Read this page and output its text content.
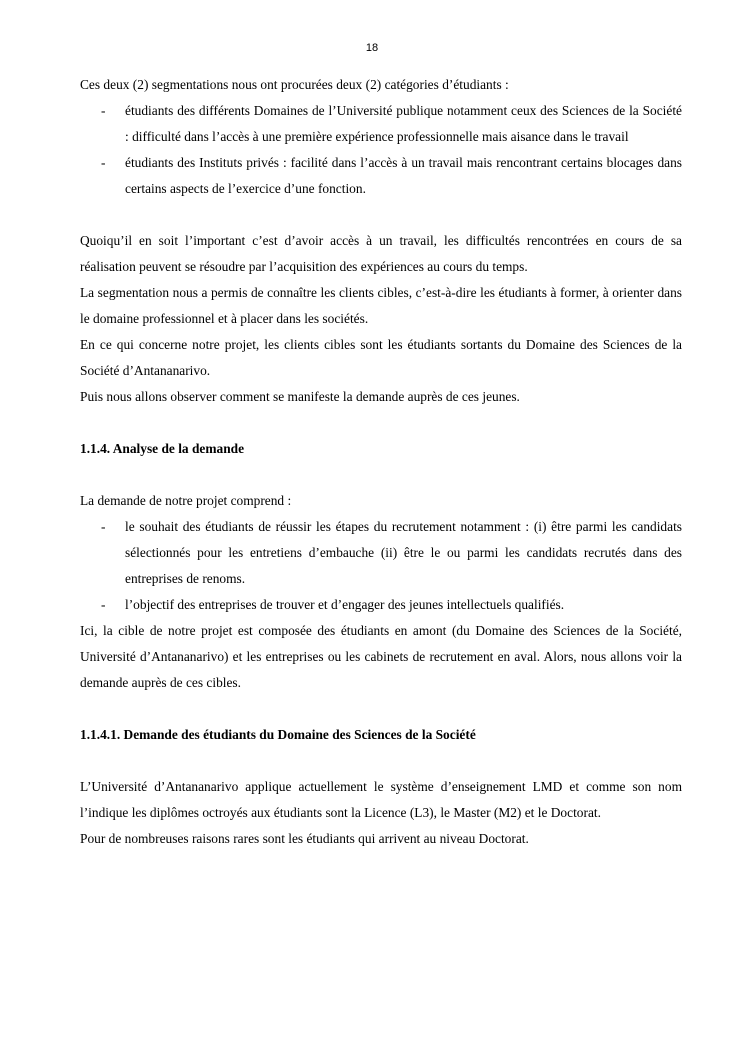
18

Ces deux (2) segmentations nous ont procurées deux (2) catégories d’étudiants :

- étudiants des différents Domaines de l’Université publique notamment ceux des Sciences de la Société : difficulté dans l’accès à une première expérience professionnelle mais aisance dans le travail
- étudiants des Instituts privés : facilité dans l’accès à un travail mais rencontrant certains blocages dans certains aspects de l’exercice d’une fonction.

Quoiqu’il en soit l’important c’est d’avoir accès à un travail, les difficultés rencontrées en cours de sa réalisation peuvent se résoudre par l’acquisition des expériences au cours du temps.

La segmentation nous a permis de connaître les clients cibles, c’est-à-dire les étudiants à former, à orienter dans le domaine professionnel et à placer dans les sociétés.

En ce qui concerne notre projet, les clients cibles sont les étudiants sortants du Domaine des Sciences de la Société d’Antananarivo.

Puis nous allons observer comment se manifeste la demande auprès de ces jeunes.

1.1.4. Analyse de la demande

La demande de notre projet comprend :

- le souhait des étudiants de réussir les étapes du recrutement notamment : (i) être parmi les candidats sélectionnés pour les entretiens d’embauche (ii) être le ou parmi les candidats recrutés dans des entreprises de renoms.
- l’objectif des entreprises de trouver et d’engager des jeunes intellectuels qualifiés.

Ici, la cible de notre projet est composée des étudiants en amont (du Domaine des Sciences de la Société, Université d’Antananarivo) et les entreprises ou les cabinets de recrutement en aval. Alors, nous allons voir la demande auprès de ces cibles.

1.1.4.1. Demande des étudiants du Domaine des Sciences de la Société

L’Université d’Antananarivo applique actuellement le système d’enseignement LMD et comme son nom l’indique les diplômes octroyés aux étudiants sont la Licence (L3), le Master (M2) et le Doctorat.

Pour de nombreuses raisons rares sont les étudiants qui arrivent au niveau Doctorat.
